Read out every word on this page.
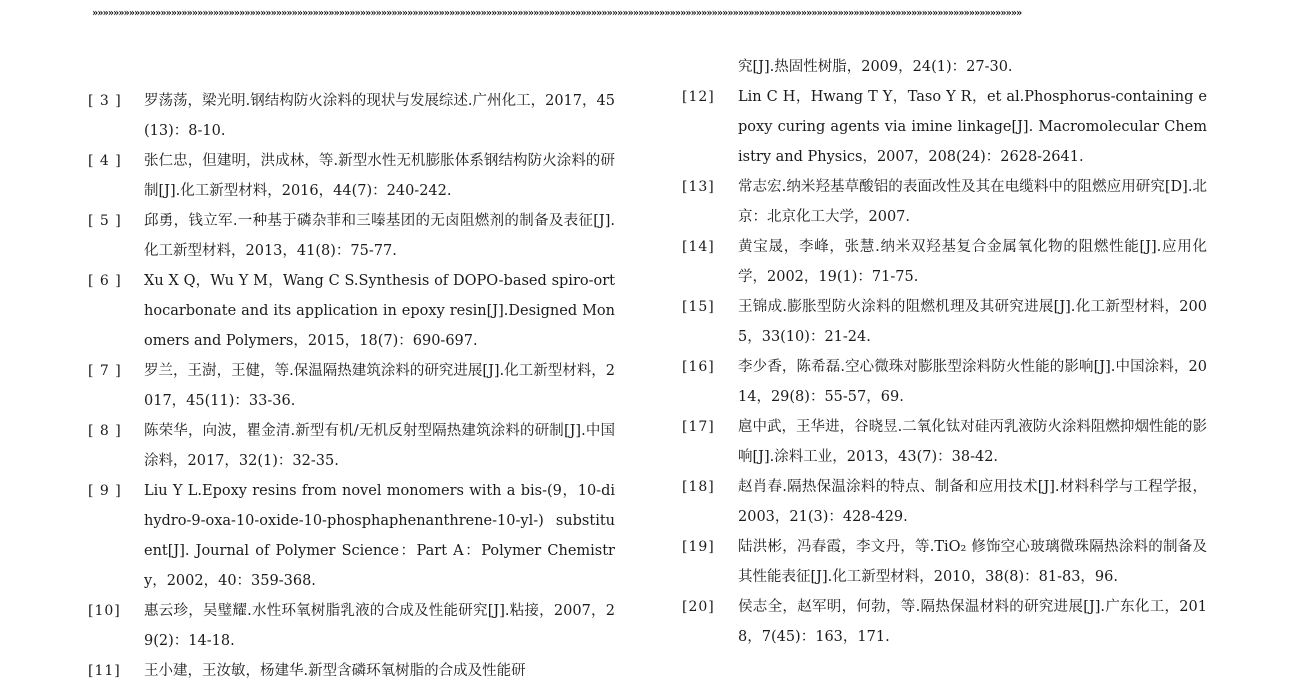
»»»»»»»»»»»»»»»»»»»»»»»»»»»»»»»»»»»»»»»»»»»»»»»»»»»»»»»»»»»»»»»»»»»»»»»»»»»»»»»»»»»»»»»»»»»»»»»»»»»»»»»»»»»»»»»»»»»»»»»»»»»»»»»»»»»»»»»»»»»»»»»»»»»»»»»»»»»»»»»»»»»»»»»»»»»»»»»»»
[ 3 ]	罗荡荡，梁光明.钢结构防火涂料的现状与发展综述.广州化工，2017，45(13)：8-10.
[ 4 ]	张仁忠，但建明，洪成林，等.新型水性无机膨胀体系钢结构防火涂料的研制[J].化工新型材料，2016，44(7)：240-242.
[ 5 ]	邱勇，钱立军.一种基于磷杂菲和三嗪基团的无卤阻燃剂的制备及表征[J].化工新型材料，2013，41(8)：75-77.
[ 6 ]	Xu X Q，Wu Y M，Wang C S.Synthesis of DOPO-based spiro-orthocarbonate and its application in epoxy resin[J].Designed Monomers and Polymers，2015，18(7)：690-697.
[ 7 ]	罗兰，王澍，王健，等.保温隔热建筑涂料的研究进展[J].化工新型材料，2017，45(11)：33-36.
[ 8 ]	陈荣华，向波，瞿金清.新型有机/无机反射型隔热建筑涂料的研制[J].中国涂料，2017，32(1)：32-35.
[ 9 ]	Liu Y L.Epoxy resins from novel monomers with a bis-(9，10-dihydro-9-oxa-10-oxide-10-phosphaphenanthrene-10-yl-) substituent[J]. Journal of Polymer Science：Part A：Polymer Chemistry，2002，40：359-368.
[10]	惠云珍，吴璧耀.水性环氧树脂乳液的合成及性能研究[J].粘接，2007，29(2)：14-18.
[11]	王小建，王汝敏，杨建华.新型含磷环氧树脂的合成及性能研
究[J].热固性树脂，2009，24(1)：27-30.
[12]	Lin C H，Hwang T Y，Taso Y R，et al.Phosphorus-containing epoxy curing agents via imine linkage[J]. Macromolecular Chemistry and Physics，2007，208(24)：2628-2641.
[13]	常志宏.纳米羟基草酸铝的表面改性及其在电缆料中的阻燃应用研究[D].北京：北京化工大学，2007.
[14]	黄宝晟，李峰，张慧.纳米双羟基复合金属氧化物的阻燃性能[J].应用化学，2002，19(1)：71-75.
[15]	王锦成.膨胀型防火涂料的阻燃机理及其研究进展[J].化工新型材料，2005，33(10)：21-24.
[16]	李少香，陈希磊.空心微珠对膨胀型涂料防火性能的影响[J].中国涂料，2014，29(8)：55-57，69.
[17]	扈中武，王华进，谷晓昱.二氧化钛对硅丙乳液防火涂料阻燃抑烟性能的影响[J].涂料工业，2013，43(7)：38-42.
[18]	赵肖春.隔热保温涂料的特点、制备和应用技术[J].材料科学与工程学报，2003，21(3)：428-429.
[19]	陆洪彬，冯春霞，李文丹，等.TiO₂ 修饰空心玻璃微珠隔热涂料的制备及其性能表征[J].化工新型材料，2010，38(8)：81-83，96.
[20]	侯志全，赵军明，何勃，等.隔热保温材料的研究进展[J].广东化工，2018，7(45)：163，171.
